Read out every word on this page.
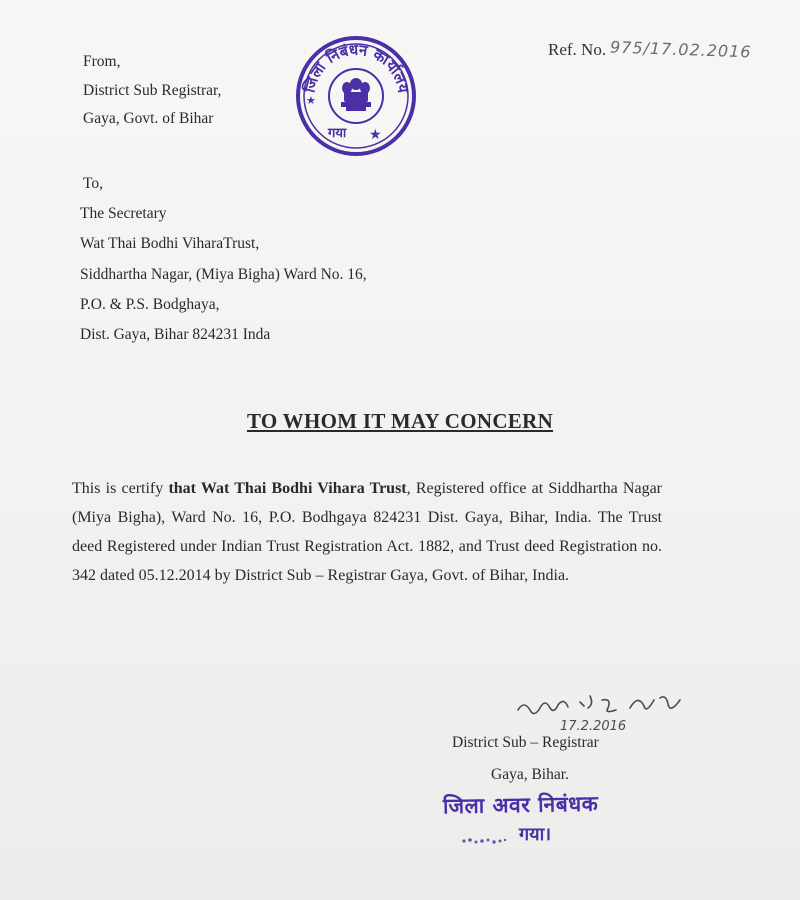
From,
District Sub Registrar,
Gaya, Govt. of Bihar
जिला निबंधन कार्यालय
गया ★
★
Ref. No. 975/17.02.2016
To,
The Secretary
Wat Thai Bodhi ViharaTrust,
Siddhartha Nagar, (Miya Bigha) Ward No. 16,
P.O. & P.S. Bodghaya,
Dist. Gaya, Bihar 824231 Inda
TO WHOM IT MAY CONCERN
This is certify that Wat Thai Bodhi Vihara Trust, Registered office at Siddhartha Nagar (Miya Bigha), Ward No. 16, P.O. Bodhgaya 824231 Dist. Gaya, Bihar, India. The Trust deed Registered under Indian Trust Registration Act. 1882, and Trust deed Registration no. 342 dated 05.12.2014 by District Sub – Registrar Gaya, Govt. of Bihar, India.
17.2.2016
District Sub – Registrar
Gaya, Bihar.
जिला अवर निबंधक
गया।
